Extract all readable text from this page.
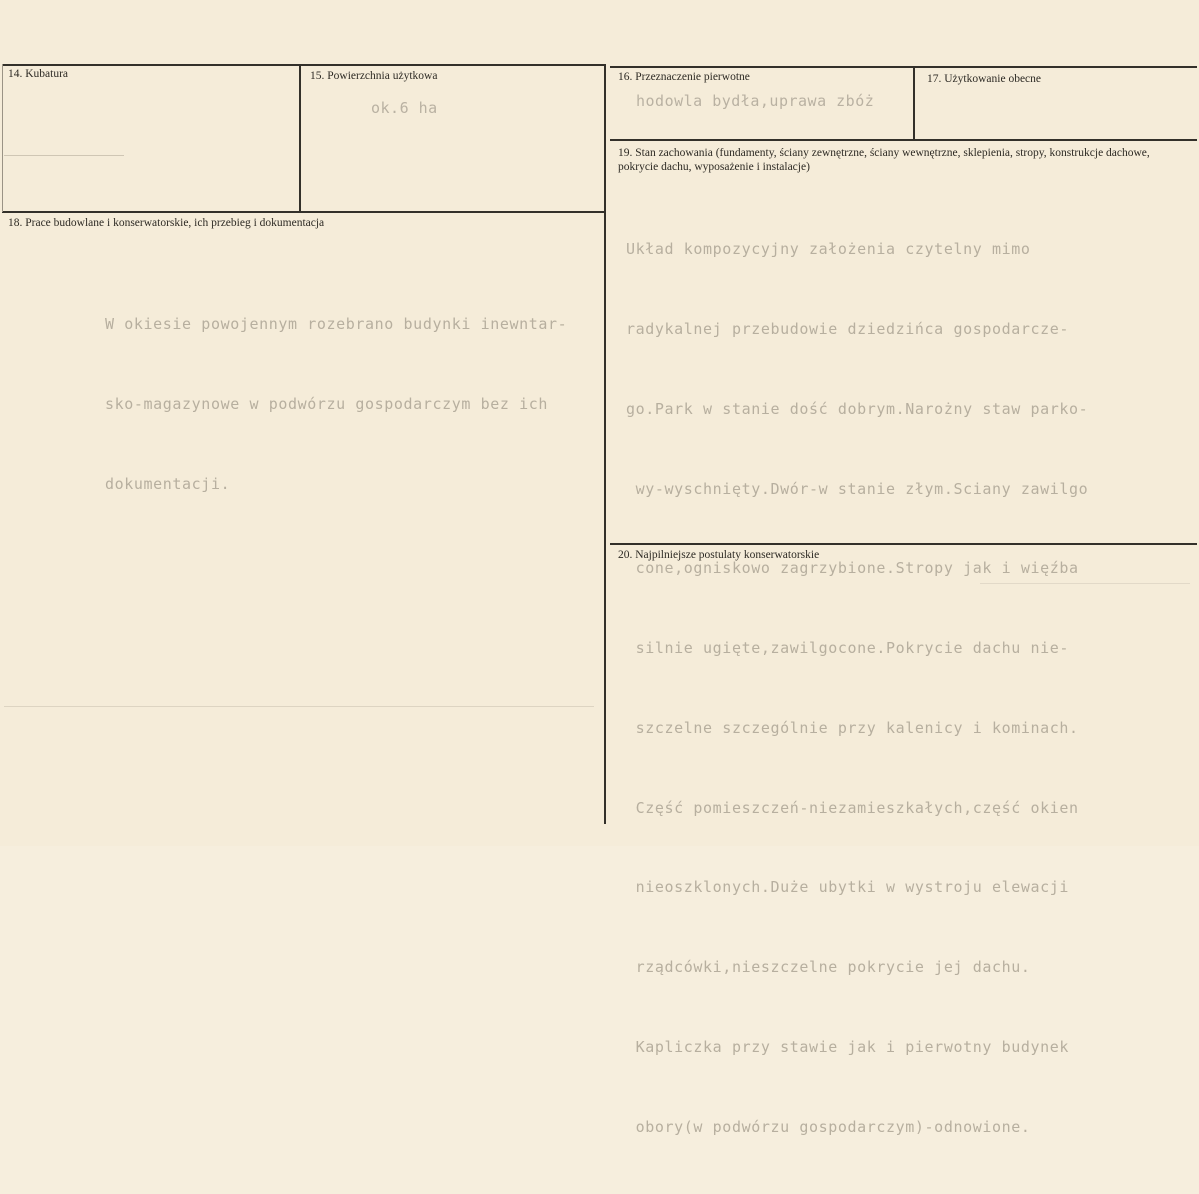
14. Kubatura	15. Powierzchnia użytkowa
ok.6 ha
16. Przeznaczenie pierwotne
hodowla bydła,uprawa zbóż
17. Użytkowanie obecne
18. Prace budowlane i konserwatorskie, ich przebieg i dokumentacja

W okiesie powojennym rozebrano budynki inewntar-

sko-magazynowe w podwórzu gospodarczym bez ich

dokumentacji.

19. Stan zachowania (fundamenty, ściany zewnętrzne, ściany wewnętrzne, sklepienia, stropy, konstrukcje dachowe, pokrycie dachu, wyposażenie i instalacje)

Układ kompozycyjny założenia czytelny mimo

radykalnej przebudowie dziedzińca gospodarcze-

go.Park w stanie dość dobrym.Narożny staw parko-

wy-wyschnięty.Dwór-w stanie złym.Sciany zawilgo

cone,ogniskowo zagrzybione.Stropy jak i więźba

silnie ugięte,zawilgocone.Pokrycie dachu nie-

szczelne szczególnie przy kalenicy i kominach.

Część pomieszczeń-niezamieszkałych,część okien

nieoszklonych.Duże ubytki w wystroju elewacji

rządcówki,nieszczelne pokrycie jej dachu.

Kapliczka przy stawie jak i pierwotny budynek

obory(w podwórzu gospodarczym)-odnowione.

20. Najpilniejsze postulaty konserwatorskie
